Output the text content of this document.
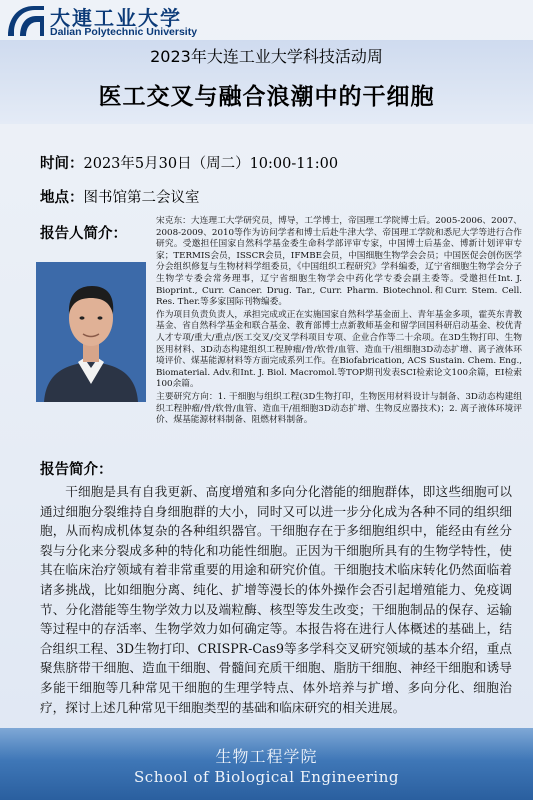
大連工业大学
Dalian Polytechnic University
2023年大连工业大学科技活动周
医工交叉与融合浪潮中的干细胞
时间：2023年5月30日（周二）10:00-11:00
地点：图书馆第二会议室
报告人简介：

宋克东：大连理工大学研究员，博导，工学博士，帝国理工学院博士后。2005-2006、2007、2008-2009、2010等作为访问学者和博士后赴牛津大学、帝国理工学院和悉尼大学等进行合作研究。受邀担任国家自然科学基金委生命科学部评审专家，中国博士后基金、博新计划评审专家；TERMIS会员，ISSCR会员，IFMBE会员，中国细胞生物学会会员；中国医促会创伤医学分会组织修复与生物材料学组委员，《中国组织工程研究》学科编委，辽宁省细胞生物学会分子生物学专委会常务理事，辽宁省细胞生物学会中药化学专委会副主委等。受邀担任Int. J. Bioprint., Curr. Cancer. Drug. Tar., Curr. Pharm. Biotechnol.和Curr. Stem. Cell. Res. Ther.等多家国际刊物编委。

作为项目负责负责人，承担完成或正在实施国家自然科学基金面上、青年基金多项，霍英东青教基金、省自然科学基金和联合基金、教育部博士点新教师基金和留学回国科研启动基金、校优青人才专项/重大/重点/医工交叉/交叉学科项目专项、企业合作等二十余项。在3D生物打印、生物医用材料、3D动态构建组织工程肿瘤/骨/软骨/血管、造血干/祖细胞3D动态扩增、离子液体环境评价、煤基能源材料等方面完成系列工作。在Biofabrication, ACS Sustain. Chem. Eng., Biomaterial. Adv.和Int. J. Biol. Macromol.等TOP期刊发表SCI检索论文100余篇，EI检索100余篇。

主要研究方向：1. 干细胞与组织工程(3D生物打印，生物医用材料设计与制备、3D动态构建组织工程肿瘤/骨/软骨/血管、造血干/祖细胞3D动态扩增、生物反应器技术)；2. 离子液体环境评价、煤基能源材料制备、阻燃材料制备。

报告简介：
干细胞是具有自我更新、高度增殖和多向分化潜能的细胞群体，即这些细胞可以通过细胞分裂维持自身细胞群的大小，同时又可以进一步分化成为各种不同的组织细胞，从而构成机体复杂的各种组织器官。干细胞存在于多细胞组织中，能经由有丝分裂与分化来分裂成多种的特化和功能性细胞。正因为干细胞所具有的生物学特性，使其在临床治疗领域有着非常重要的用途和研究价值。干细胞技术临床转化仍然面临着诸多挑战，比如细胞分离、纯化、扩增等漫长的体外操作会否引起增殖能力、免疫调节、分化潜能等生物学效力以及端粒酶、核型等发生改变；干细胞制品的保存、运输等过程中的存活率、生物学效力如何确定等。本报告将在进行人体概述的基础上，结合组织工程、3D生物打印、CRISPR-Cas9等多学科交叉研究领域的基本介绍，重点聚焦脐带干细胞、造血干细胞、骨髓间充质干细胞、脂肪干细胞、神经干细胞和诱导多能干细胞等几种常见干细胞的生理学特点、体外培养与扩增、多向分化、细胞治疗，探讨上述几种常见干细胞类型的基础和临床研究的相关进展。
生物工程学院
School of Biological Engineering
